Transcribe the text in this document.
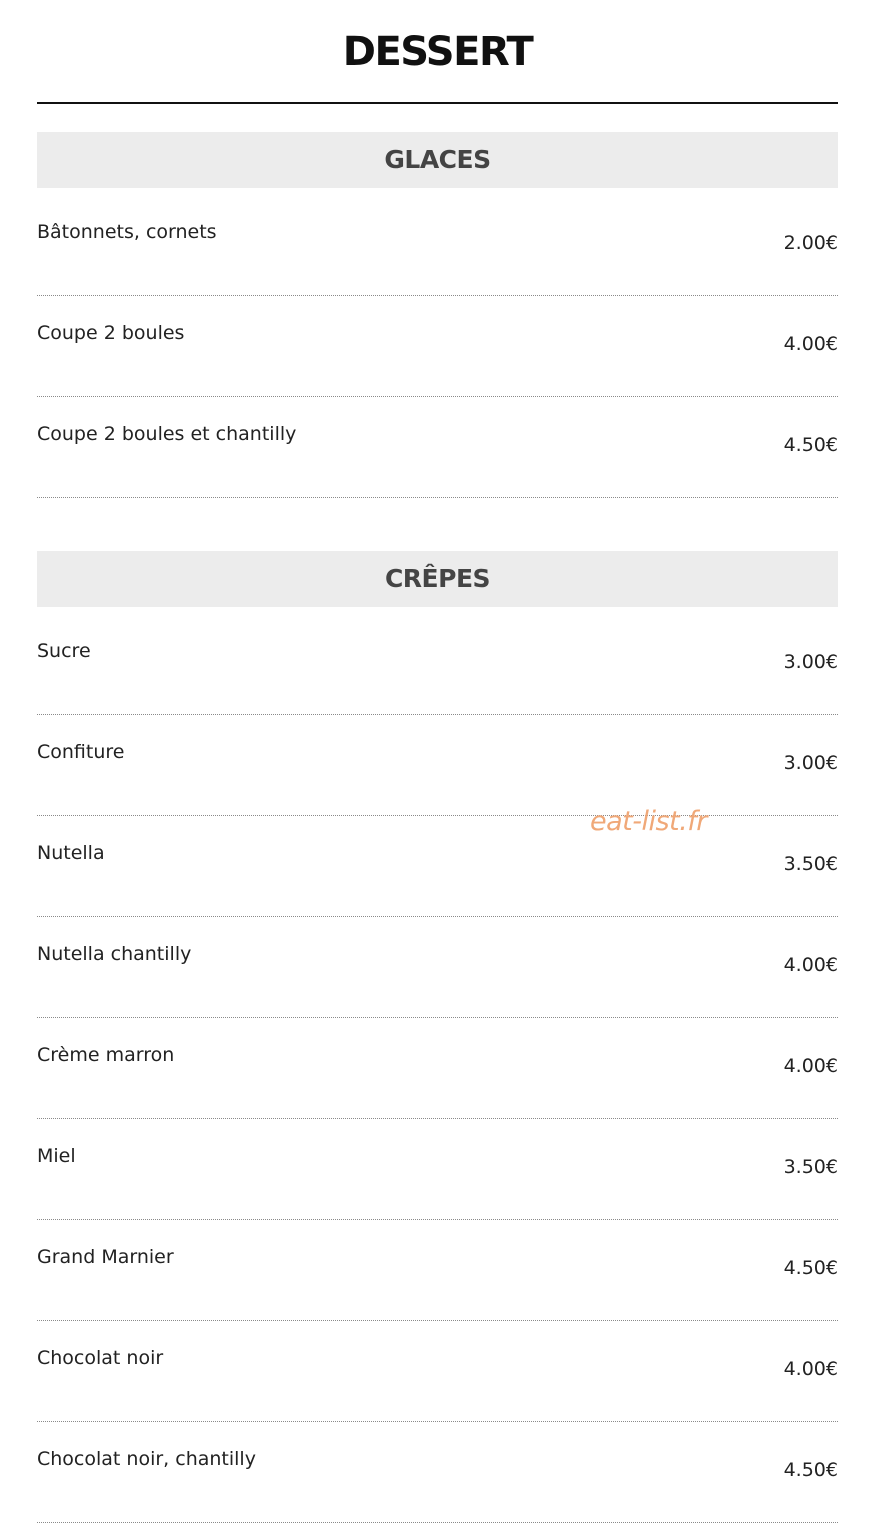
DESSERT
GLACES
Bâtonnets, cornets	2.00€
Coupe 2 boules	4.00€
Coupe 2 boules et chantilly	4.50€
CRÊPES
Sucre	3.00€
Confiture	3.00€
Nutella	3.50€
Nutella chantilly	4.00€
Crème marron	4.00€
Miel	3.50€
Grand Marnier	4.50€
Chocolat noir	4.00€
Chocolat noir, chantilly	4.50€
eat-list.fr
